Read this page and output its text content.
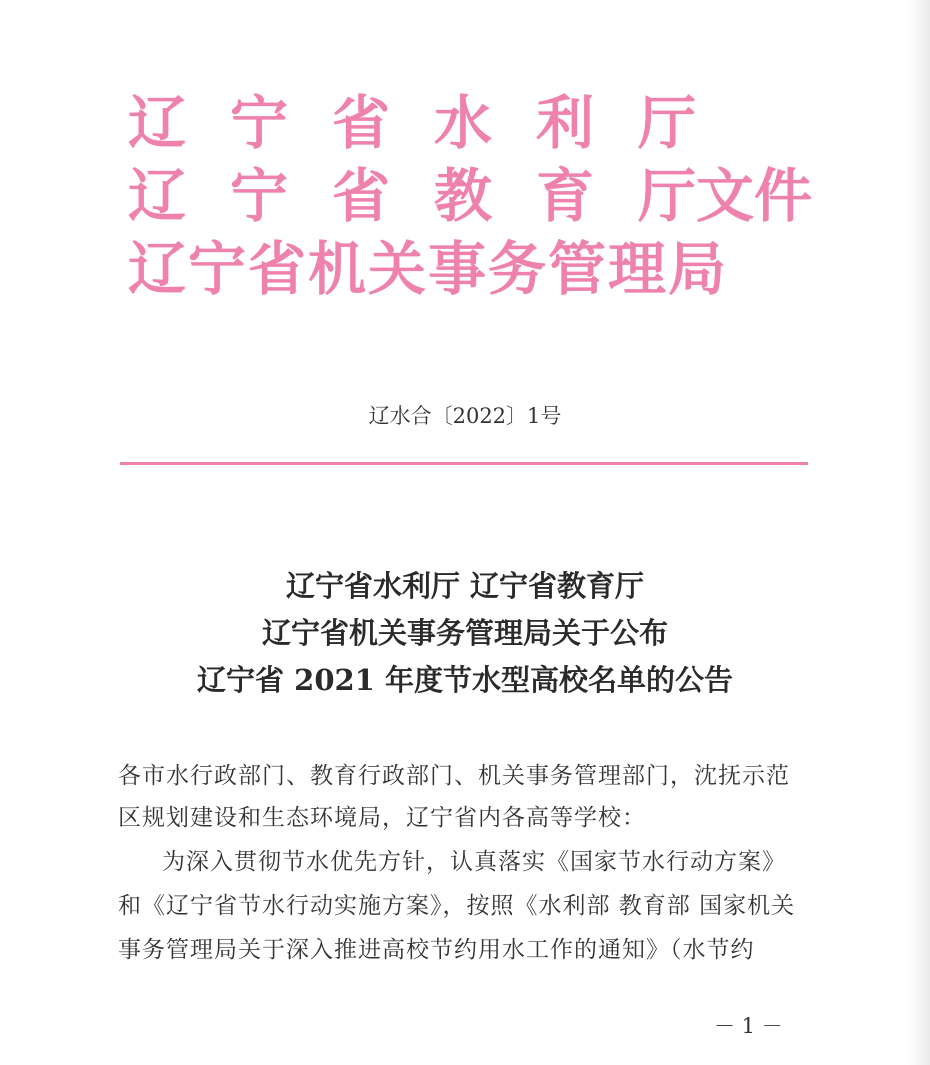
辽宁省水利厅
辽宁省教育厅文件
辽宁省机关事务管理局
辽水合〔2022〕1号
辽宁省水利厅 辽宁省教育厅
辽宁省机关事务管理局关于公布
辽宁省 2021 年度节水型高校名单的公告
各市水行政部门、教育行政部门、机关事务管理部门，沈抚示范
区规划建设和生态环境局，辽宁省内各高等学校：
为深入贯彻节水优先方针，认真落实《国家节水行动方案》
和《辽宁省节水行动实施方案》，按照《水利部 教育部 国家机关
事务管理局关于深入推进高校节约用水工作的通知》（水节约
－ 1 －
